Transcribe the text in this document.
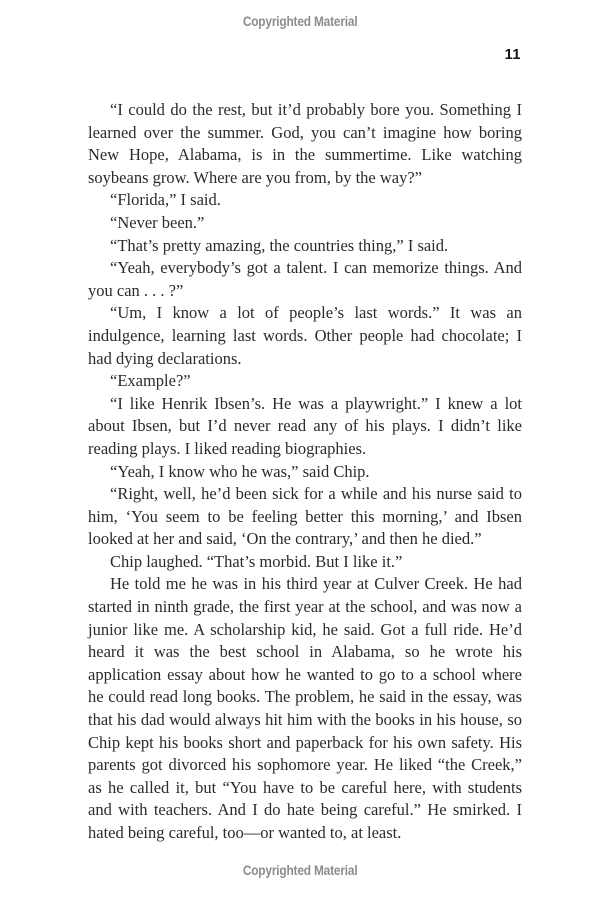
Copyrighted Material
11

“I could do the rest, but it’d probably bore you. Something I learned over the summer. God, you can’t imagine how boring New Hope, Alabama, is in the summertime. Like watching soybeans grow. Where are you from, by the way?”

“Florida,” I said.

“Never been.”

“That’s pretty amazing, the countries thing,” I said.

“Yeah, everybody’s got a talent. I can memorize things. And you can . . . ?”

“Um, I know a lot of people’s last words.” It was an indulgence, learning last words. Other people had chocolate; I had dying declarations.

“Example?”

“I like Henrik Ibsen’s. He was a playwright.” I knew a lot about Ibsen, but I’d never read any of his plays. I didn’t like reading plays. I liked reading biographies.

“Yeah, I know who he was,” said Chip.

“Right, well, he’d been sick for a while and his nurse said to him, ‘You seem to be feeling better this morning,’ and Ibsen looked at her and said, ‘On the contrary,’ and then he died.”

Chip laughed. “That’s morbid. But I like it.”

He told me he was in his third year at Culver Creek. He had started in ninth grade, the first year at the school, and was now a junior like me. A scholarship kid, he said. Got a full ride. He’d heard it was the best school in Alabama, so he wrote his application essay about how he wanted to go to a school where he could read long books. The problem, he said in the essay, was that his dad would always hit him with the books in his house, so Chip kept his books short and paperback for his own safety. His parents got divorced his sophomore year. He liked “the Creek,” as he called it, but “You have to be careful here, with students and with teachers. And I do hate being careful.” He smirked. I hated being careful, too—or wanted to, at least.

Copyrighted Material
